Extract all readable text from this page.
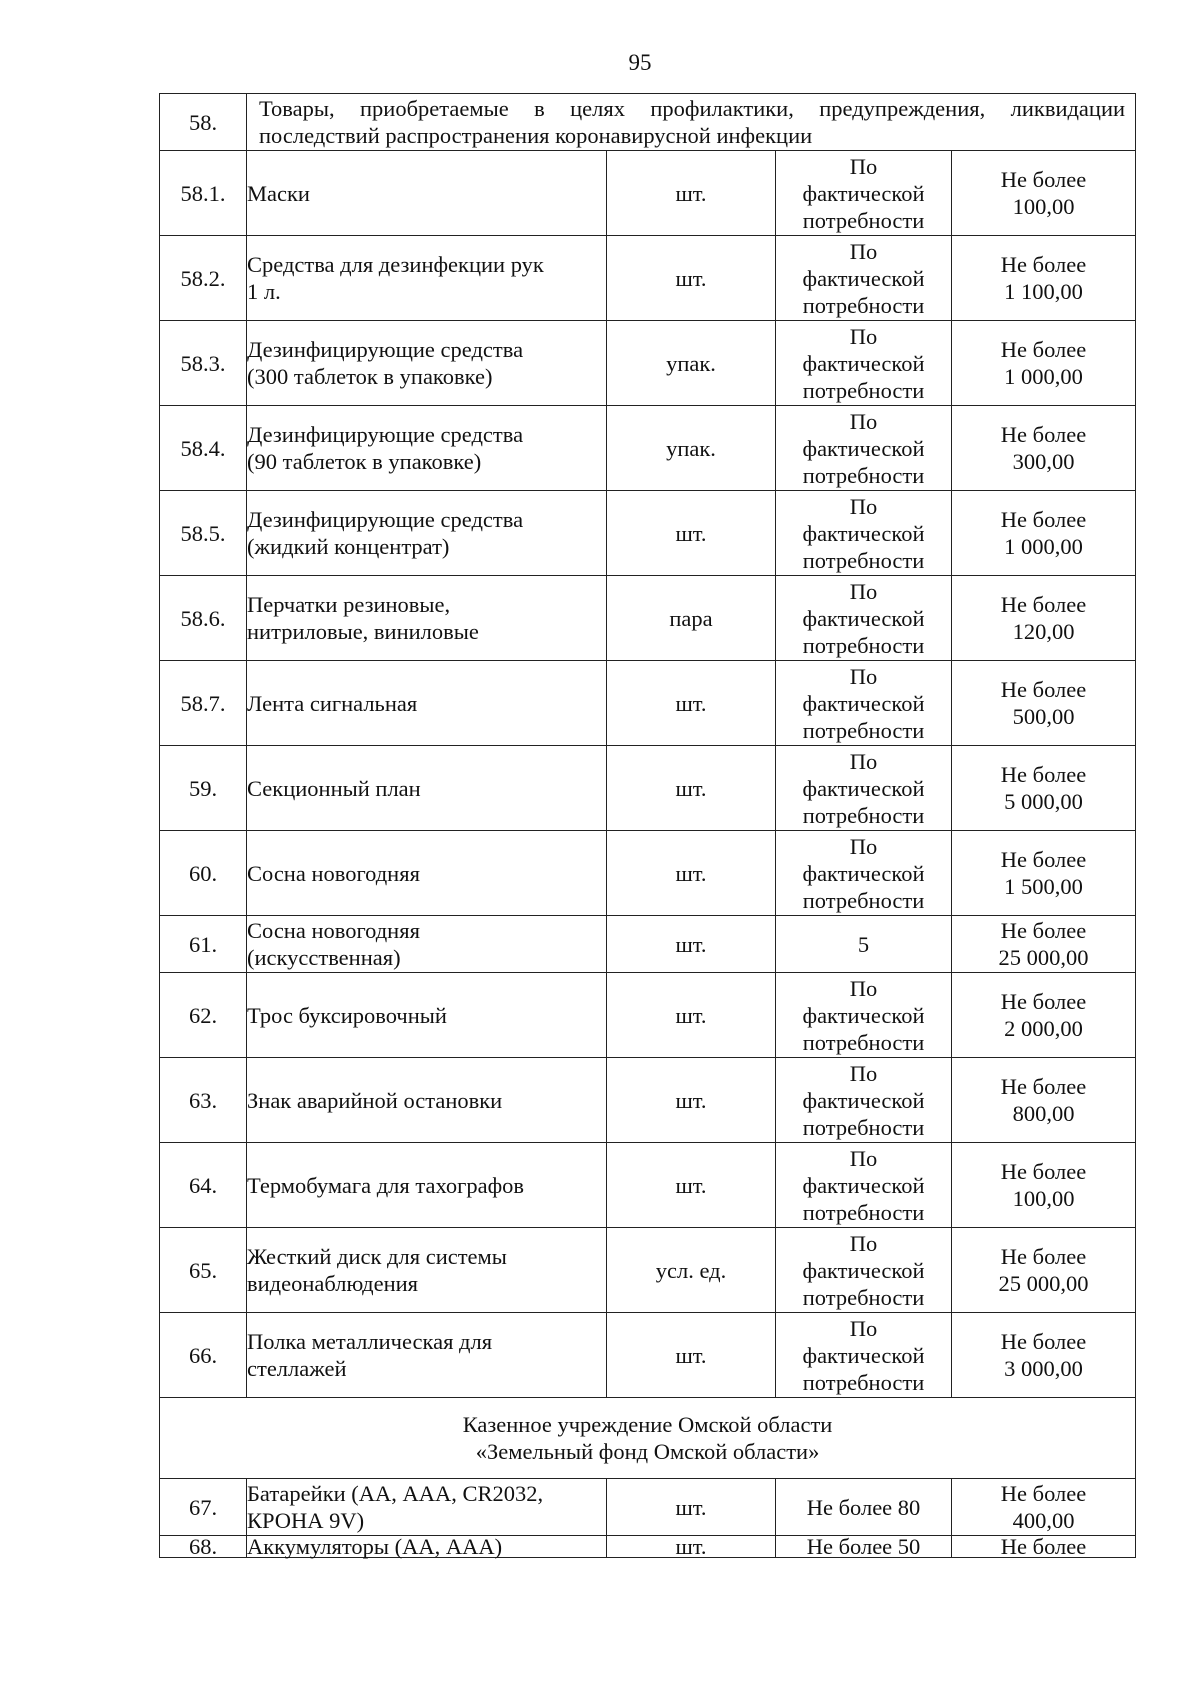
95
58.	Товары, приобретаемые в целях профилактики, предупреждения, ликвидации последствий распространения коронавирусной инфекции			

58.1.	Маски	шт.	По
фактической
потребности	Не более
100,00

58.2.	Средства для дезинфекции рук
1 л.	шт.	По
фактической
потребности	Не более
1 100,00

58.3.	Дезинфицирующие средства
(300 таблеток в упаковке)	упак.	По
фактической
потребности	Не более
1 000,00

58.4.	Дезинфицирующие средства
(90 таблеток в упаковке)	упак.	По
фактической
потребности	Не более
300,00

58.5.	Дезинфицирующие средства
(жидкий концентрат)	шт.	По
фактической
потребности	Не более
1 000,00

58.6.	Перчатки резиновые,
нитриловые, виниловые	пара	По
фактической
потребности	Не более
120,00

58.7.	Лента сигнальная	шт.	По
фактической
потребности	Не более
500,00

59.	Секционный план	шт.	По
фактической
потребности	Не более
5 000,00

60.	Сосна новогодняя	шт.	По
фактической
потребности	Не более
1 500,00

61.	Сосна новогодняя
(искусственная)	шт.	5	Не более
25 000,00

62.	Трос буксировочный	шт.	По
фактической
потребности	Не более
2 000,00

63.	Знак аварийной остановки	шт.	По
фактической
потребности	Не более
800,00

64.	Термобумага для тахографов	шт.	По
фактической
потребности	Не более
100,00

65.	Жесткий диск для системы
видеонаблюдения	усл. ед.	По
фактической
потребности	Не более
25 000,00

66.	Полка металлическая для
стеллажей	шт.	По
фактической
потребности	Не более
3 000,00

Казенное учреждение Омской области
«Земельный фонд Омской области»				

67.	Батарейки (АА, ААА, CR2032,
КРОНА 9V)	шт.	Не более 80	Не более
400,00

68.	Аккумуляторы (АА, ААА)	шт.	Не более 50	Не более
